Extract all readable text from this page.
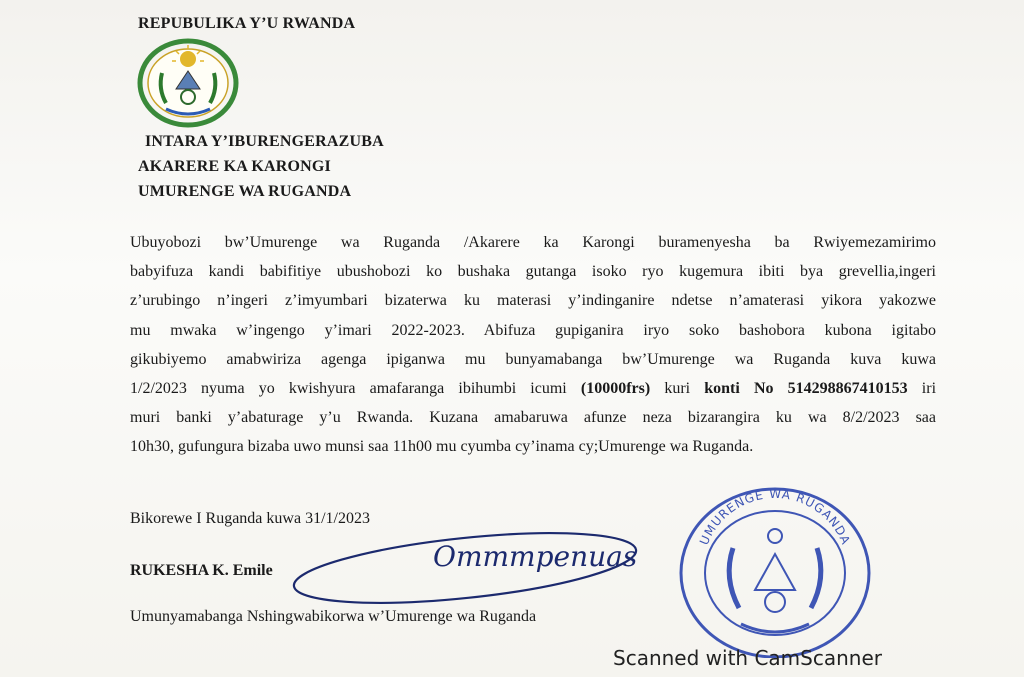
REPUBULIKA Y’U RWANDA
INTARA Y’IBURENGERAZUBA
AKARERE KA KARONGI
UMURENGE WA RUGANDA
Ubuyobozi bw’Umurenge wa Ruganda /Akarere ka Karongi buramenyesha ba Rwiyemezamirimo
babyifuza kandi babifitiye ubushobozi ko bushaka gutanga isoko ryo kugemura ibiti bya grevellia,ingeri
z’urubingo n’ingeri z’imyumbari bizaterwa ku materasi y’indinganire ndetse n’amaterasi yikora yakozwe
mu mwaka w’ingengo y’imari 2022-2023. Abifuza gupiganira iryo soko bashobora kubona igitabo
gikubiyemo amabwiriza agenga ipiganwa mu bunyamabanga bw’Umurenge wa Ruganda kuva kuwa
1/2/2023 nyuma yo kwishyura amafaranga ibihumbi icumi (10000frs) kuri konti No 514298867410153 iri
muri banki y’abaturage y’u Rwanda. Kuzana amabaruwa afunze neza bizarangira ku wa 8/2/2023 saa
10h30, gufungura bizaba uwo munsi saa 11h00 mu cyumba cy’inama cy;Umurenge wa Ruganda.
Bikorewe I Ruganda kuwa 31/1/2023
Ommmpenuas
RUKESHA K. Emile
Umunyamabanga Nshingwabikorwa w’Umurenge wa Ruganda
UMURENGE WA RUGANDA
Scanned with CamScanner
